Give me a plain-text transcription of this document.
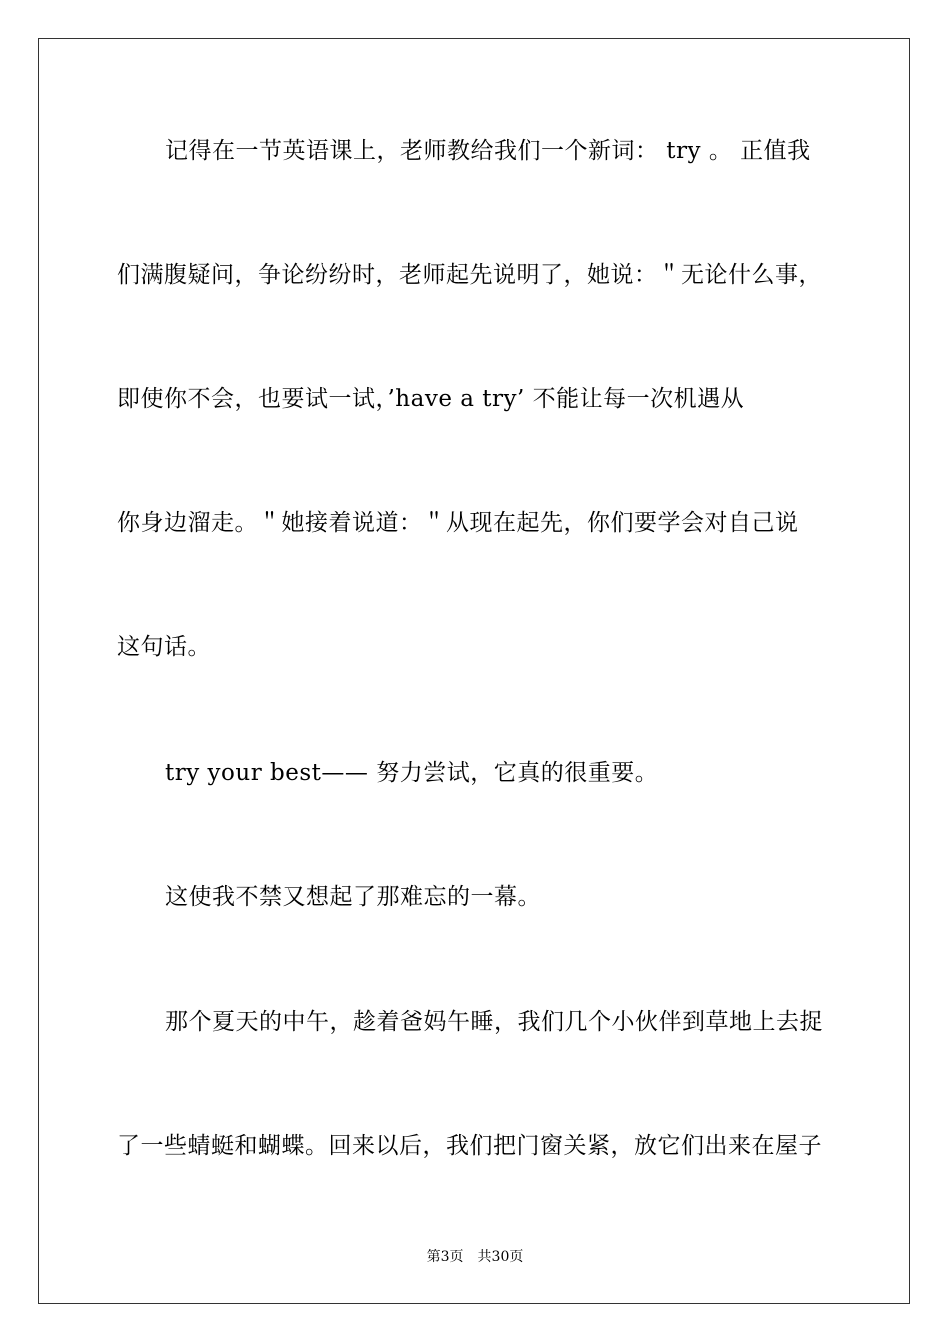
记得在一节英语课上，老师教给我们一个新词： try 。 正值我
们满腹疑问，争论纷纷时，老师起先说明了，她说：＂无论什么事，
即使你不会，也要试一试，’have a try’ 不能让每一次机遇从
你身边溜走。＂她接着说道：＂从现在起先，你们要学会对自己说
这句话。
try your best—— 努力尝试，它真的很重要。
这使我不禁又想起了那难忘的一幕。
那个夏天的中午，趁着爸妈午睡，我们几个小伙伴到草地上去捉
了一些蜻蜓和蝴蝶。回来以后，我们把门窗关紧，放它们出来在屋子
第3页 共30页
